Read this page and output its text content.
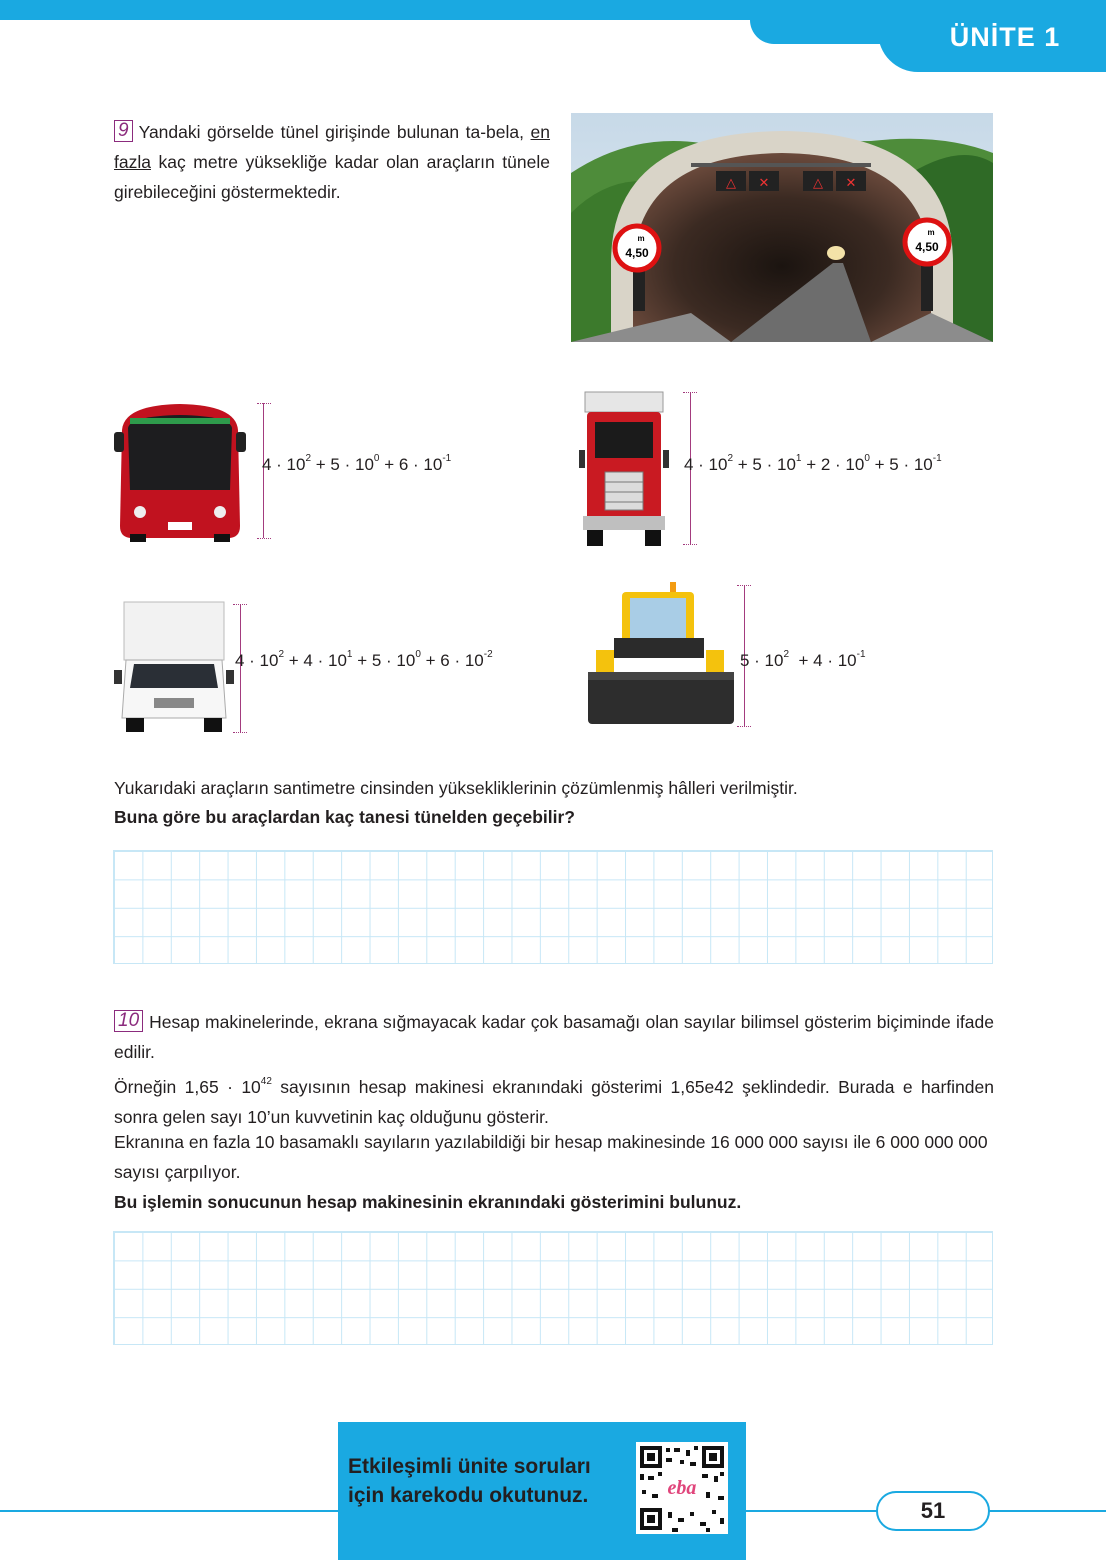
ÜNİTE 1
9 Yandaki görselde tünel girişinde bulunan ta-bela, en fazla kaç metre yüksekliğe kadar olan araçların tünele girebileceğini göstermektedir.	△ ✕	△ ✕
m
4,50
m
4,50
$4 \cdot 10^2 + 5 \cdot 10^0 + 6 \cdot 10^{-1}$	$4 \cdot 10^2 + 5 \cdot 10^1 + 2 \cdot 10^0 + 5 \cdot 10^{-1}$
$4 \cdot 10^2 + 4 \cdot 10^1 + 5 \cdot 10^0 + 6 \cdot 10^{-2}$	$5 \cdot 10^2 + 4 \cdot 10^{-1}$
Yukarıdaki araçların santimetre cinsinden yüksekliklerinin çözümlenmiş hâlleri verilmiştir.
Buna göre bu araçlardan kaç tanesi tünelden geçebilir?
10 Hesap makinelerinde, ekrana sığmayacak kadar çok basamağı olan sayılar bilimsel gösterim biçiminde ifade edilir.
Örneğin $1,65 \cdot 10^{42}$ sayısının hesap makinesi ekranındaki gösterimi 1,65e42 şeklindedir. Burada e harfinden sonra gelen sayı 10’un kuvvetinin kaç olduğunu gösterir.
Ekranına en fazla 10 basamaklı sayıların yazılabildiği bir hesap makinesinde 16 000 000 sayısı ile 6 000 000 000 sayısı çarpılıyor.
Bu işlemin sonucunun hesap makinesinin ekranındaki gösterimini bulunuz.
Etkileşimli ünite soruları
için karekodu okutunuz.	eba
51
